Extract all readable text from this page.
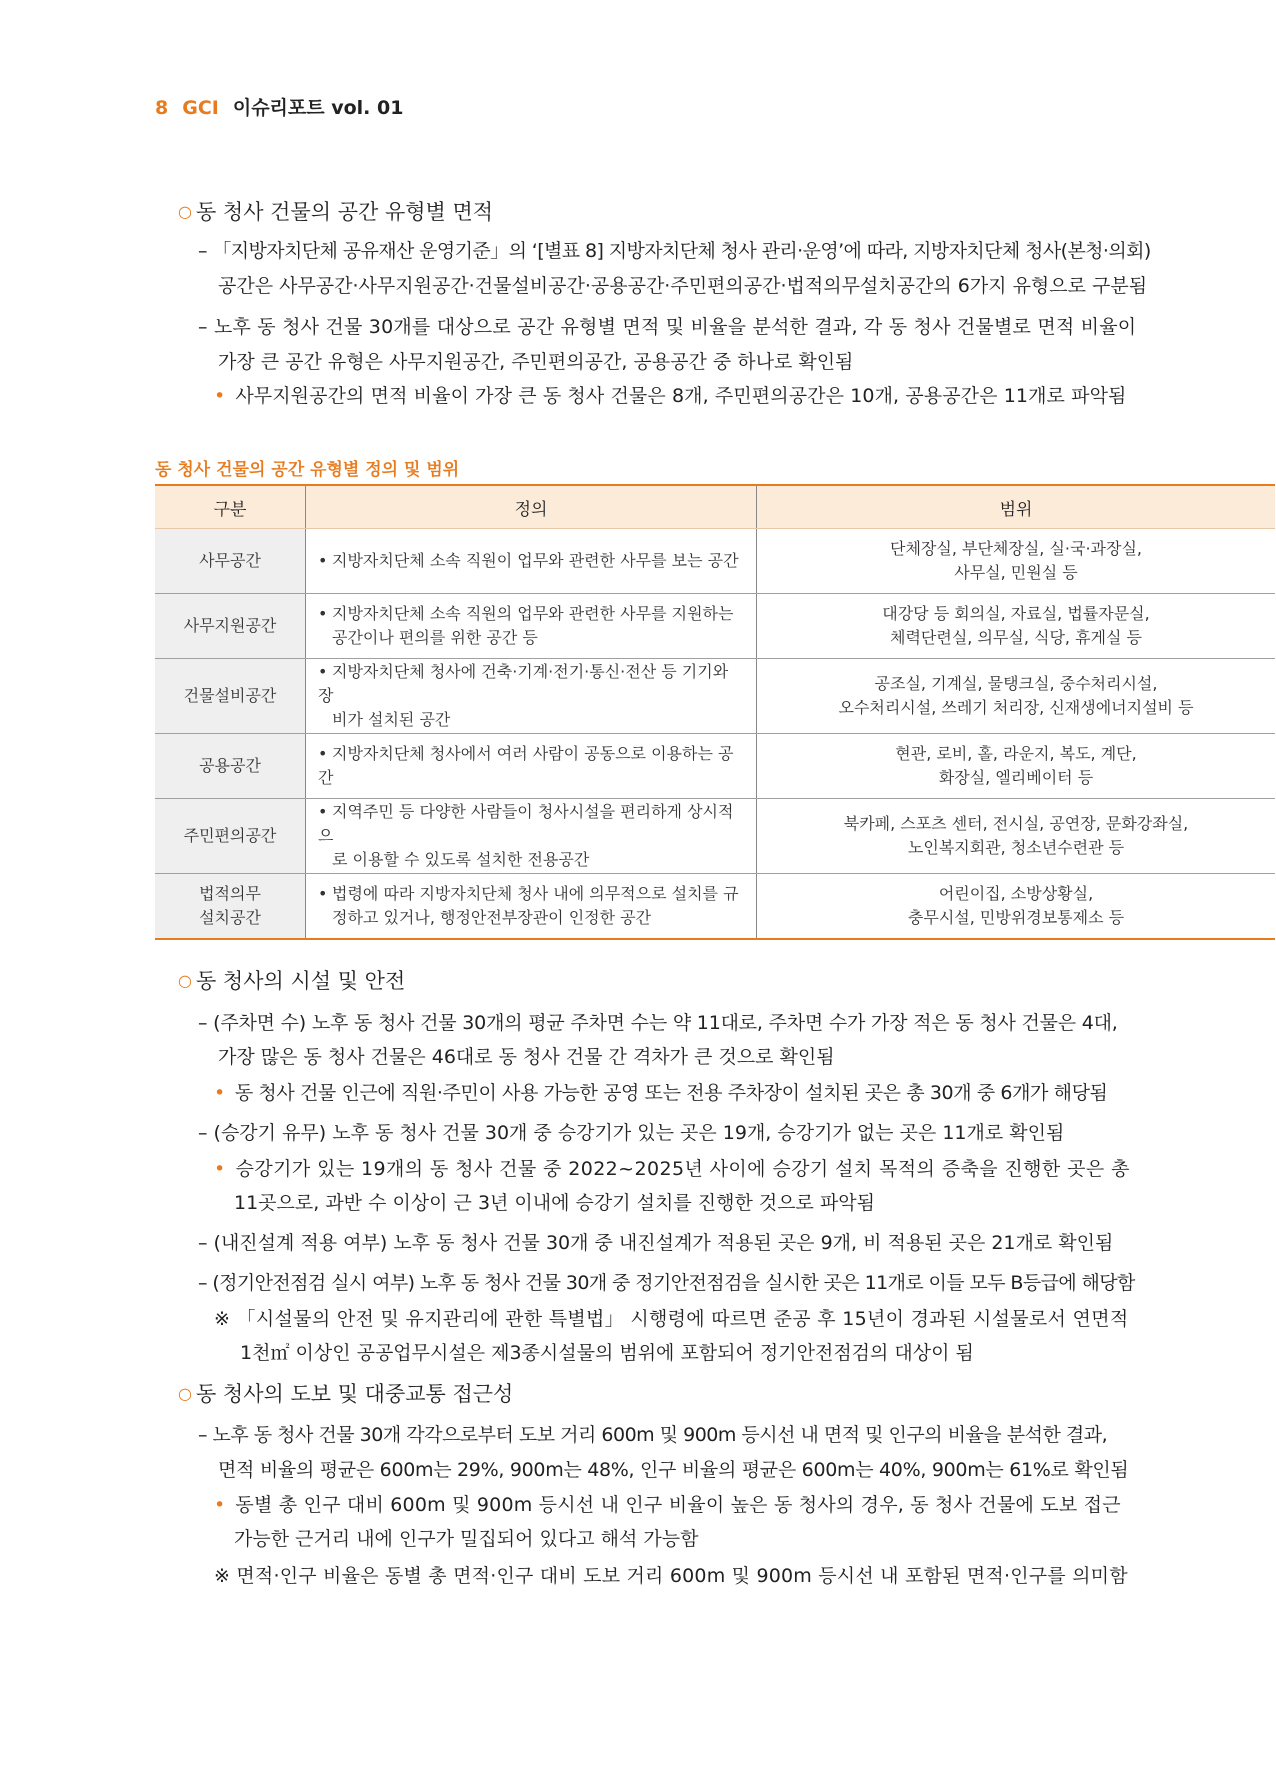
8 GCI 이슈리포트 vol. 01
○ 동 청사 건물의 공간 유형별 면적
– 「지방자치단체 공유재산 운영기준」의 ‘[별표 8] 지방자치단체 청사 관리·운영’에 따라, 지방자치단체 청사(본청·의회)
공간은 사무공간·사무지원공간·건물설비공간·공용공간·주민편의공간·법적의무설치공간의 6가지 유형으로 구분됨
– 노후 동 청사 건물 30개를 대상으로 공간 유형별 면적 및 비율을 분석한 결과, 각 동 청사 건물별로 면적 비율이
가장 큰 공간 유형은 사무지원공간, 주민편의공간, 공용공간 중 하나로 확인됨
• 사무지원공간의 면적 비율이 가장 큰 동 청사 건물은 8개, 주민편의공간은 10개, 공용공간은 11개로 파악됨
동 청사 건물의 공간 유형별 정의 및 범위
구분	정의	범위
사무공간	• 지방자치단체 소속 직원이 업무와 관련한 사무를 보는 공간	단체장실, 부단체장실, 실·국·과장실,
사무실, 민원실 등
사무지원공간	• 지방자치단체 소속 직원의 업무와 관련한 사무를 지원하는
공간이나 편의를 위한 공간 등	대강당 등 회의실, 자료실, 법률자문실,
체력단련실, 의무실, 식당, 휴게실 등
건물설비공간	• 지방자치단체 청사에 건축·기계·전기·통신·전산 등 기기와 장
비가 설치된 공간	공조실, 기계실, 물탱크실, 중수처리시설,
오수처리시설, 쓰레기 처리장, 신재생에너지설비 등
공용공간	• 지방자치단체 청사에서 여러 사람이 공동으로 이용하는 공간	현관, 로비, 홀, 라운지, 복도, 계단,
화장실, 엘리베이터 등
주민편의공간	• 지역주민 등 다양한 사람들이 청사시설을 편리하게 상시적으
로 이용할 수 있도록 설치한 전용공간	북카페, 스포츠 센터, 전시실, 공연장, 문화강좌실,
노인복지회관, 청소년수련관 등
법적의무
설치공간	• 법령에 따라 지방자치단체 청사 내에 의무적으로 설치를 규
정하고 있거나, 행정안전부장관이 인정한 공간	어린이집, 소방상황실,
충무시설, 민방위경보통제소 등
○ 동 청사의 시설 및 안전
– (주차면 수) 노후 동 청사 건물 30개의 평균 주차면 수는 약 11대로, 주차면 수가 가장 적은 동 청사 건물은 4대,
가장 많은 동 청사 건물은 46대로 동 청사 건물 간 격차가 큰 것으로 확인됨
• 동 청사 건물 인근에 직원·주민이 사용 가능한 공영 또는 전용 주차장이 설치된 곳은 총 30개 중 6개가 해당됨
– (승강기 유무) 노후 동 청사 건물 30개 중 승강기가 있는 곳은 19개, 승강기가 없는 곳은 11개로 확인됨
• 승강기가 있는 19개의 동 청사 건물 중 2022~2025년 사이에 승강기 설치 목적의 증축을 진행한 곳은 총
11곳으로, 과반 수 이상이 근 3년 이내에 승강기 설치를 진행한 것으로 파악됨
– (내진설계 적용 여부) 노후 동 청사 건물 30개 중 내진설계가 적용된 곳은 9개, 비 적용된 곳은 21개로 확인됨
– (정기안전점검 실시 여부) 노후 동 청사 건물 30개 중 정기안전점검을 실시한 곳은 11개로 이들 모두 B등급에 해당함
※ 「시설물의 안전 및 유지관리에 관한 특별법」 시행령에 따르면 준공 후 15년이 경과된 시설물로서 연면적
1천㎡ 이상인 공공업무시설은 제3종시설물의 범위에 포함되어 정기안전점검의 대상이 됨
○ 동 청사의 도보 및 대중교통 접근성
– 노후 동 청사 건물 30개 각각으로부터 도보 거리 600m 및 900m 등시선 내 면적 및 인구의 비율을 분석한 결과,
면적 비율의 평균은 600m는 29%, 900m는 48%, 인구 비율의 평균은 600m는 40%, 900m는 61%로 확인됨
• 동별 총 인구 대비 600m 및 900m 등시선 내 인구 비율이 높은 동 청사의 경우, 동 청사 건물에 도보 접근
가능한 근거리 내에 인구가 밀집되어 있다고 해석 가능함
※ 면적·인구 비율은 동별 총 면적·인구 대비 도보 거리 600m 및 900m 등시선 내 포함된 면적·인구를 의미함
